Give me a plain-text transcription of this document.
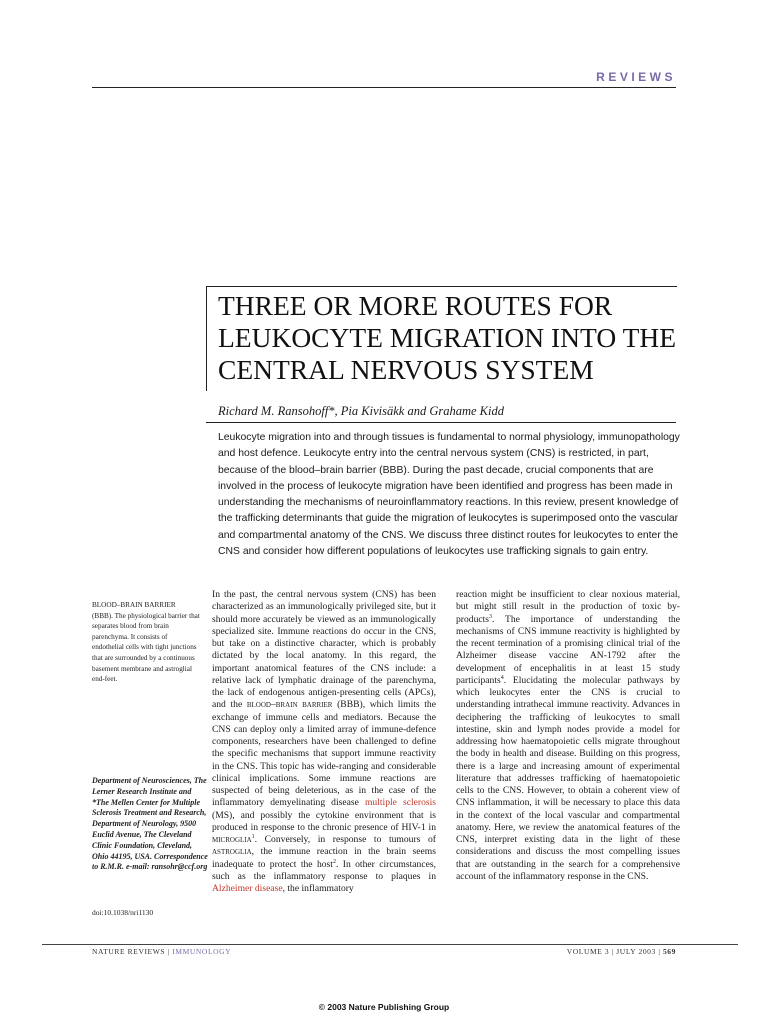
REVIEWS
THREE OR MORE ROUTES FOR LEUKOCYTE MIGRATION INTO THE CENTRAL NERVOUS SYSTEM
Richard M. Ransohoff*, Pia Kivisäkk and Grahame Kidd
Leukocyte migration into and through tissues is fundamental to normal physiology, immunopathology and host defence. Leukocyte entry into the central nervous system (CNS) is restricted, in part, because of the blood–brain barrier (BBB). During the past decade, crucial components that are involved in the process of leukocyte migration have been identified and progress has been made in understanding the mechanisms of neuroinflammatory reactions. In this review, present knowledge of the trafficking determinants that guide the migration of leukocytes is superimposed onto the vascular and compartmental anatomy of the CNS. We discuss three distinct routes for leukocytes to enter the CNS and consider how different populations of leukocytes use trafficking signals to gain entry.
BLOOD–BRAIN BARRIER
(BBB). The physiological barrier that separates blood from brain parenchyma. It consists of endothelial cells with tight junctions that are surrounded by a continuous basement membrane and astroglial end-feet.
Department of Neurosciences, The Lerner Research Institute and *The Mellen Center for Multiple Sclerosis Treatment and Research, Department of Neurology, 9500 Euclid Avenue, The Cleveland Clinic Foundation, Cleveland, Ohio 44195, USA. Correspondence to R.M.R. e-mail: ransohr@ccf.org
doi:10.1038/nri1130

In the past, the central nervous system (CNS) has been characterized as an immunologically privileged site, but it should more accurately be viewed as an immunologically specialized site. Immune reactions do occur in the CNS, but take on a distinctive character, which is probably dictated by the local anatomy. In this regard, the important anatomical features of the CNS include: a relative lack of lymphatic drainage of the parenchyma, the lack of endogenous antigen-presenting cells (APCs), and the blood–brain barrier (BBB), which limits the exchange of immune cells and mediators. Because the CNS can deploy only a limited array of immune-defence components, researchers have been challenged to define the specific mechanisms that support immune reactivity in the CNS. This topic has wide-ranging and considerable clinical implications. Some immune reactions are suspected of being deleterious, as in the case of the inflammatory demyelinating disease multiple sclerosis (MS), and possibly the cytokine environment that is produced in response to the chronic presence of HIV-1 in microglia$^1$. Conversely, in response to tumours of astroglia, the immune reaction in the brain seems inadequate to protect the host$^2$. In other circumstances, such as the inflammatory response to plaques in Alzheimer disease, the inflammatory

reaction might be insufficient to clear noxious material, but might still result in the production of toxic by-products$^3$. The importance of understanding the mechanisms of CNS immune reactivity is highlighted by the recent termination of a promising clinical trial of the Alzheimer disease vaccine AN-1792 after the development of encephalitis in at least 15 study participants$^4$. Elucidating the molecular pathways by which leukocytes enter the CNS is crucial to understanding intrathecal immune reactivity. Advances in deciphering the trafficking of leukocytes to small intestine, skin and lymph nodes provide a model for addressing how haematopoietic cells migrate throughout the body in health and disease. Building on this progress, there is a large and increasing amount of experimental literature that addresses trafficking of haematopoietic cells to the CNS. However, to obtain a coherent view of CNS inflammation, it will be necessary to place this data in the context of the local vascular and compartmental anatomy. Here, we review the anatomical features of the CNS, interpret existing data in the light of these considerations and discuss the most compelling issues that are outstanding in the search for a comprehensive account of the inflammatory response in the CNS.

NATURE REVIEWS | IMMUNOLOGY	VOLUME 3 | JULY 2003 | 569
© 2003 Nature Publishing Group
